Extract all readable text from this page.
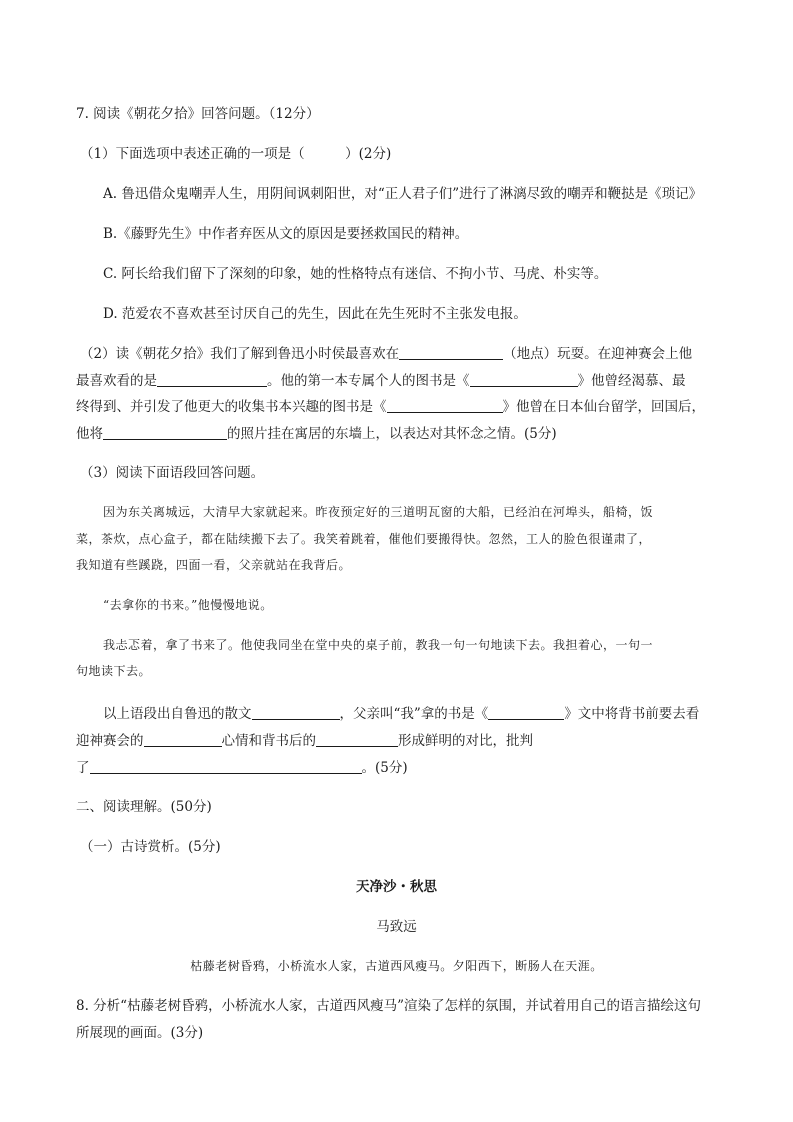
7. 阅读《朝花夕拾》回答问题。（12分）
（1）下面选项中表述正确的一项是（　　　）(2分)
A. 鲁迅借众鬼嘲弄人生，用阴间讽刺阳世，对“正人君子们”进行了淋漓尽致的嘲弄和鞭挞是《琐记》
B.《藤野先生》中作者弃医从文的原因是要拯救国民的精神。
C. 阿长给我们留下了深刻的印象，她的性格特点有迷信、不拘小节、马虎、朴实等。
D. 范爱农不喜欢甚至讨厌自己的先生，因此在先生死时不主张发电报。
（2）读《朝花夕拾》我们了解到鲁迅小时侯最喜欢在	（地点）玩耍。在迎神赛会上他
最喜欢看的是	。他的第一本专属个人的图书是《	》他曾经渴慕、最
终得到、并引发了他更大的收集书本兴趣的图书是《	》他曾在日本仙台留学，回国后，
他将	的照片挂在寓居的东墙上，以表达对其怀念之情。(5分)
（3）阅读下面语段回答问题。
因为东关离城远，大清早大家就起来。昨夜预定好的三道明瓦窗的大船，已经泊在河埠头，船椅，饭
菜，茶炊，点心盒子，都在陆续搬下去了。我笑着跳着，催他们要搬得快。忽然，工人的脸色很谨肃了，
我知道有些蹊跷，四面一看，父亲就站在我背后。
“去拿你的书来。”他慢慢地说。
我忐忑着，拿了书来了。他使我同坐在堂中央的桌子前，教我一句一句地读下去。我担着心，一句一
句地读下去。
以上语段出自鲁迅的散文	，父亲叫“我”拿的书是《	》文中将背书前要去看
迎神赛会的	心情和背书后的	形成鲜明的对比，批判
了	。(5分)
二、阅读理解。(50分)
（一）古诗赏析。(5分)
天净沙・秋思
马致远
枯藤老树昏鸦，小桥流水人家，古道西风瘦马。夕阳西下，断肠人在天涯。
8. 分析“枯藤老树昏鸦，小桥流水人家，古道西风瘦马”渲染了怎样的氛围，并试着用自己的语言描绘这句
所展现的画面。(3分)
